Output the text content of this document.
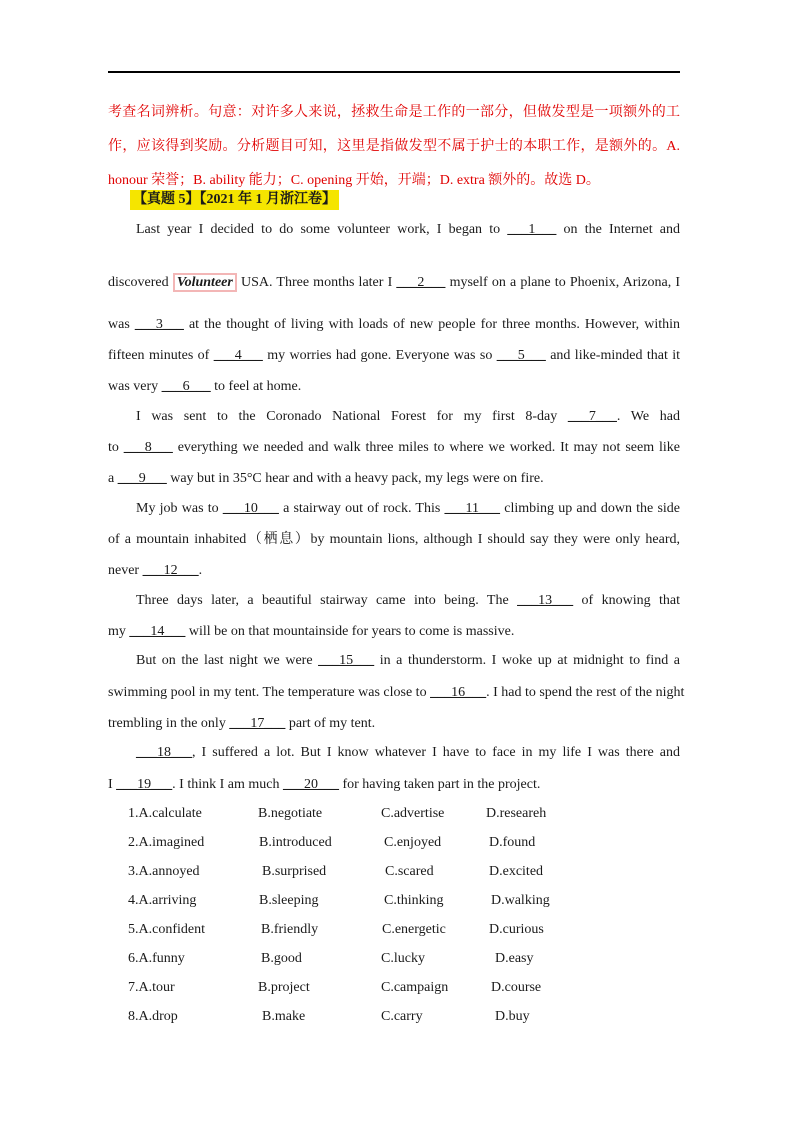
考查名词辨析。句意：对许多人来说，拯救生命是工作的一部分，但做发型是一项额外的工作，应该得到奖励。分析题目可知，这里是指做发型不属于护士的本职工作，是额外的。A. honour 荣誉；B. ability 能力；C. opening 开始，开端；D. extra 额外的。故选 D。
【真题 5】【2021 年 1 月浙江卷】
Last year I decided to do some volunteer work, I began to ___1___ on the Internet and
discovered Volunteer USA. Three months later I ___2___ myself on a plane to Phoenix, Arizona, I
was ___3___ at the thought of living with loads of new people for three months. However, within
fifteen minutes of ___4___ my worries had gone. Everyone was so ___5___ and like-minded that it
was very ___6___ to feel at home.
I was sent to the Coronado National Forest for my first 8-day ___7___. We had
to ___8___ everything we needed and walk three miles to where we worked. It may not seem like
a ___9___ way but in 35°C hear and with a heavy pack, my legs were on fire.
My job was to ___10___ a stairway out of rock. This ___11___ climbing up and down the side
of a mountain inhabited（栖息）by mountain lions, although I should say they were only heard,
never ___12___.
Three days later, a beautiful stairway came into being. The ___13___ of knowing that
my ___14___ will be on that mountainside for years to come is massive.
But on the last night we were ___15___ in a thunderstorm. I woke up at midnight to find a
swimming pool in my tent. The temperature was close to ___16___. I had to spend the rest of the night
trembling in the only ___17___ part of my tent.
___18___, I suffered a lot. But I know whatever I have to face in my life I was there and
I ___19___. I think I am much ___20___ for having taken part in the project.
1.A.calculate	B.negotiate	C.advertise	D.researeh
2.A.imagined	B.introduced	C.enjoyed	D.found
3.A.annoyed	B.surprised	C.scared	D.excited
4.A.arriving	B.sleeping	C.thinking	D.walking
5.A.confident	B.friendly	C.energetic	D.curious
6.A.funny	B.good	C.lucky	D.easy
7.A.tour	B.project	C.campaign	D.course
8.A.drop	B.make	C.carry	D.buy
